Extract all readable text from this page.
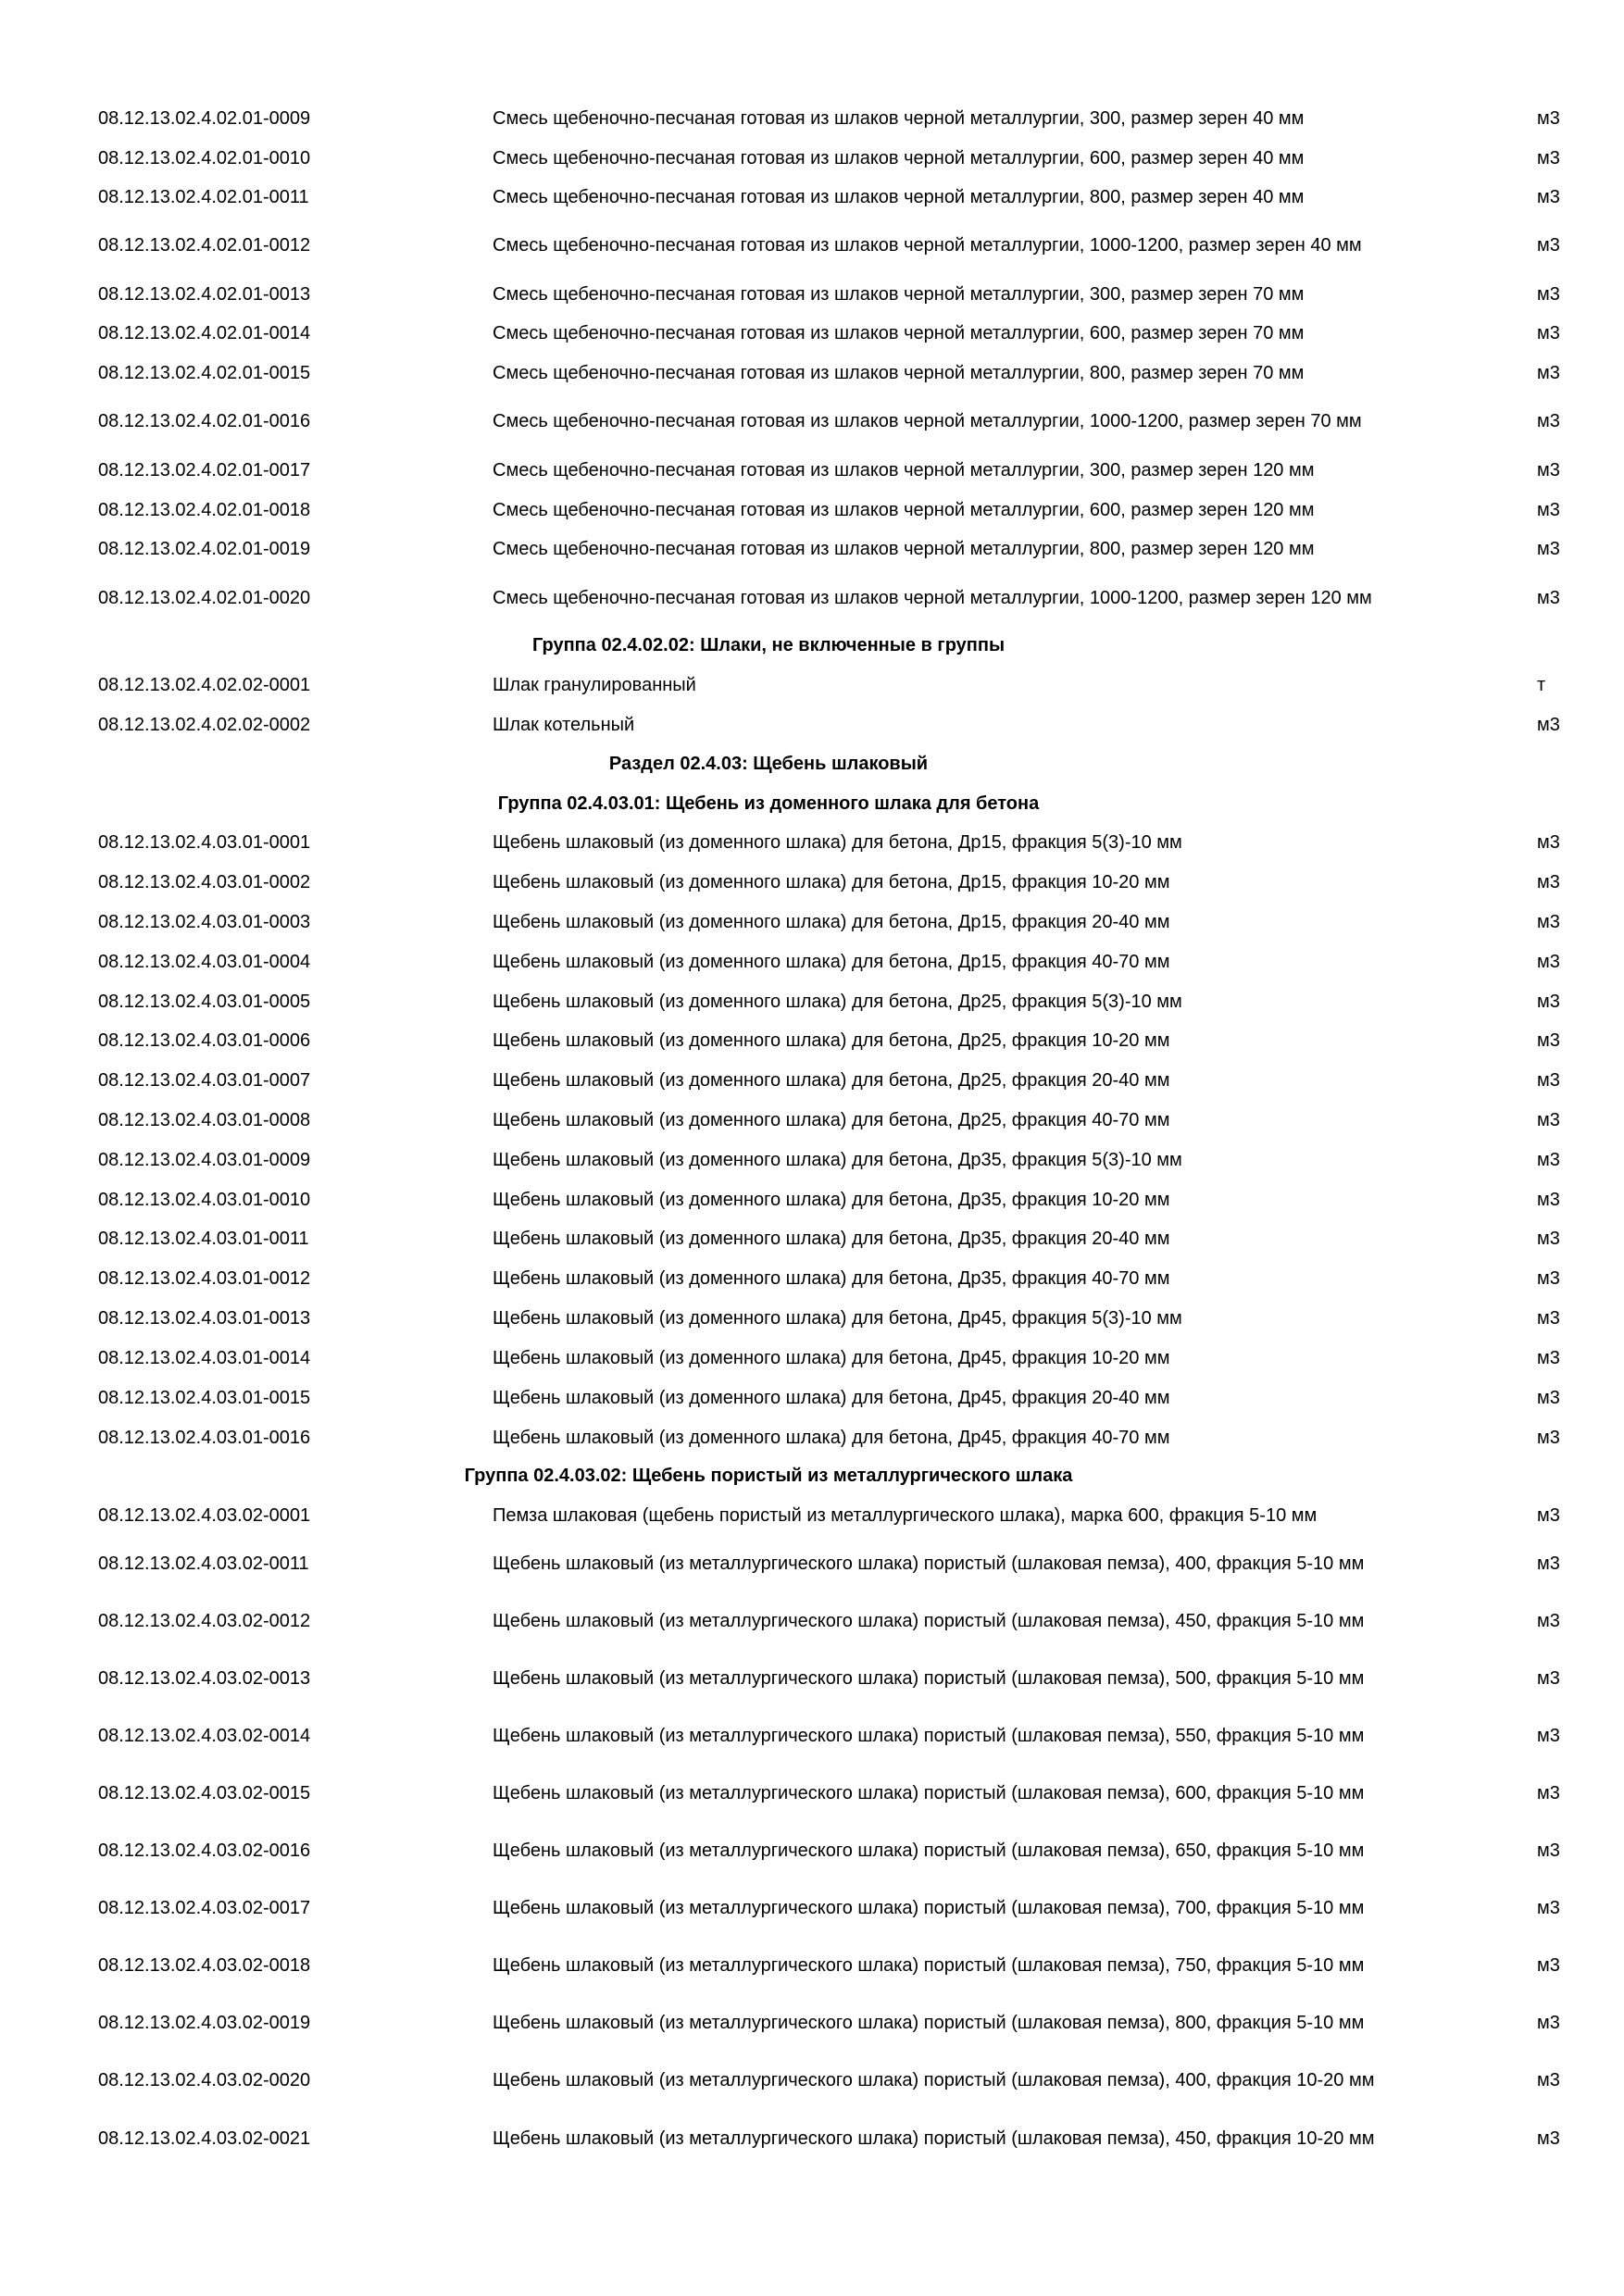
08.12.13.02.4.02.01-0009	Смесь щебеночно-песчаная готовая из шлаков черной металлургии, 300, размер зерен 40 мм	м3
08.12.13.02.4.02.01-0010	Смесь щебеночно-песчаная готовая из шлаков черной металлургии, 600, размер зерен 40 мм	м3
08.12.13.02.4.02.01-0011	Смесь щебеночно-песчаная готовая из шлаков черной металлургии, 800, размер зерен 40 мм	м3
08.12.13.02.4.02.01-0012	Смесь щебеночно-песчаная готовая из шлаков черной металлургии, 1000-1200, размер зерен 40 мм	м3
08.12.13.02.4.02.01-0013	Смесь щебеночно-песчаная готовая из шлаков черной металлургии, 300, размер зерен 70 мм	м3
08.12.13.02.4.02.01-0014	Смесь щебеночно-песчаная готовая из шлаков черной металлургии, 600, размер зерен 70 мм	м3
08.12.13.02.4.02.01-0015	Смесь щебеночно-песчаная готовая из шлаков черной металлургии, 800, размер зерен 70 мм	м3
08.12.13.02.4.02.01-0016	Смесь щебеночно-песчаная готовая из шлаков черной металлургии, 1000-1200, размер зерен 70 мм	м3
08.12.13.02.4.02.01-0017	Смесь щебеночно-песчаная готовая из шлаков черной металлургии, 300, размер зерен 120 мм	м3
08.12.13.02.4.02.01-0018	Смесь щебеночно-песчаная готовая из шлаков черной металлургии, 600, размер зерен 120 мм	м3
08.12.13.02.4.02.01-0019	Смесь щебеночно-песчаная готовая из шлаков черной металлургии, 800, размер зерен 120 мм	м3
08.12.13.02.4.02.01-0020	Смесь щебеночно-песчаная готовая из шлаков черной металлургии, 1000-1200, размер зерен 120 мм	м3
Группа 02.4.02.02: Шлаки, не включенные в группы
08.12.13.02.4.02.02-0001	Шлак гранулированный	т
08.12.13.02.4.02.02-0002	Шлак котельный	м3
Раздел 02.4.03: Щебень шлаковый
Группа 02.4.03.01: Щебень из доменного шлака для бетона
08.12.13.02.4.03.01-0001	Щебень шлаковый (из доменного шлака) для бетона, Др15, фракция 5(3)-10 мм	м3
08.12.13.02.4.03.01-0002	Щебень шлаковый (из доменного шлака) для бетона, Др15, фракция 10-20 мм	м3
08.12.13.02.4.03.01-0003	Щебень шлаковый (из доменного шлака) для бетона, Др15, фракция 20-40 мм	м3
08.12.13.02.4.03.01-0004	Щебень шлаковый (из доменного шлака) для бетона, Др15, фракция 40-70 мм	м3
08.12.13.02.4.03.01-0005	Щебень шлаковый (из доменного шлака) для бетона, Др25, фракция 5(3)-10 мм	м3
08.12.13.02.4.03.01-0006	Щебень шлаковый (из доменного шлака) для бетона, Др25, фракция 10-20 мм	м3
08.12.13.02.4.03.01-0007	Щебень шлаковый (из доменного шлака) для бетона, Др25, фракция 20-40 мм	м3
08.12.13.02.4.03.01-0008	Щебень шлаковый (из доменного шлака) для бетона, Др25, фракция 40-70 мм	м3
08.12.13.02.4.03.01-0009	Щебень шлаковый (из доменного шлака) для бетона, Др35, фракция 5(3)-10 мм	м3
08.12.13.02.4.03.01-0010	Щебень шлаковый (из доменного шлака) для бетона, Др35, фракция 10-20 мм	м3
08.12.13.02.4.03.01-0011	Щебень шлаковый (из доменного шлака) для бетона, Др35, фракция 20-40 мм	м3
08.12.13.02.4.03.01-0012	Щебень шлаковый (из доменного шлака) для бетона, Др35, фракция 40-70 мм	м3
08.12.13.02.4.03.01-0013	Щебень шлаковый (из доменного шлака) для бетона, Др45, фракция 5(3)-10 мм	м3
08.12.13.02.4.03.01-0014	Щебень шлаковый (из доменного шлака) для бетона, Др45, фракция 10-20 мм	м3
08.12.13.02.4.03.01-0015	Щебень шлаковый (из доменного шлака) для бетона, Др45, фракция 20-40 мм	м3
08.12.13.02.4.03.01-0016	Щебень шлаковый (из доменного шлака) для бетона, Др45, фракция 40-70 мм	м3
Группа 02.4.03.02: Щебень пористый из металлургического шлака
08.12.13.02.4.03.02-0001	Пемза шлаковая (щебень пористый из металлургического шлака), марка 600, фракция 5-10 мм	м3
08.12.13.02.4.03.02-0011	Щебень шлаковый (из металлургического шлака) пористый (шлаковая пемза), 400, фракция 5-10 мм	м3
08.12.13.02.4.03.02-0012	Щебень шлаковый (из металлургического шлака) пористый (шлаковая пемза), 450, фракция 5-10 мм	м3
08.12.13.02.4.03.02-0013	Щебень шлаковый (из металлургического шлака) пористый (шлаковая пемза), 500, фракция 5-10 мм	м3
08.12.13.02.4.03.02-0014	Щебень шлаковый (из металлургического шлака) пористый (шлаковая пемза), 550, фракция 5-10 мм	м3
08.12.13.02.4.03.02-0015	Щебень шлаковый (из металлургического шлака) пористый (шлаковая пемза), 600, фракция 5-10 мм	м3
08.12.13.02.4.03.02-0016	Щебень шлаковый (из металлургического шлака) пористый (шлаковая пемза), 650, фракция 5-10 мм	м3
08.12.13.02.4.03.02-0017	Щебень шлаковый (из металлургического шлака) пористый (шлаковая пемза), 700, фракция 5-10 мм	м3
08.12.13.02.4.03.02-0018	Щебень шлаковый (из металлургического шлака) пористый (шлаковая пемза), 750, фракция 5-10 мм	м3
08.12.13.02.4.03.02-0019	Щебень шлаковый (из металлургического шлака) пористый (шлаковая пемза), 800, фракция 5-10 мм	м3
08.12.13.02.4.03.02-0020	Щебень шлаковый (из металлургического шлака) пористый (шлаковая пемза), 400, фракция 10-20 мм	м3
08.12.13.02.4.03.02-0021	Щебень шлаковый (из металлургического шлака) пористый (шлаковая пемза), 450, фракция 10-20 мм	м3
